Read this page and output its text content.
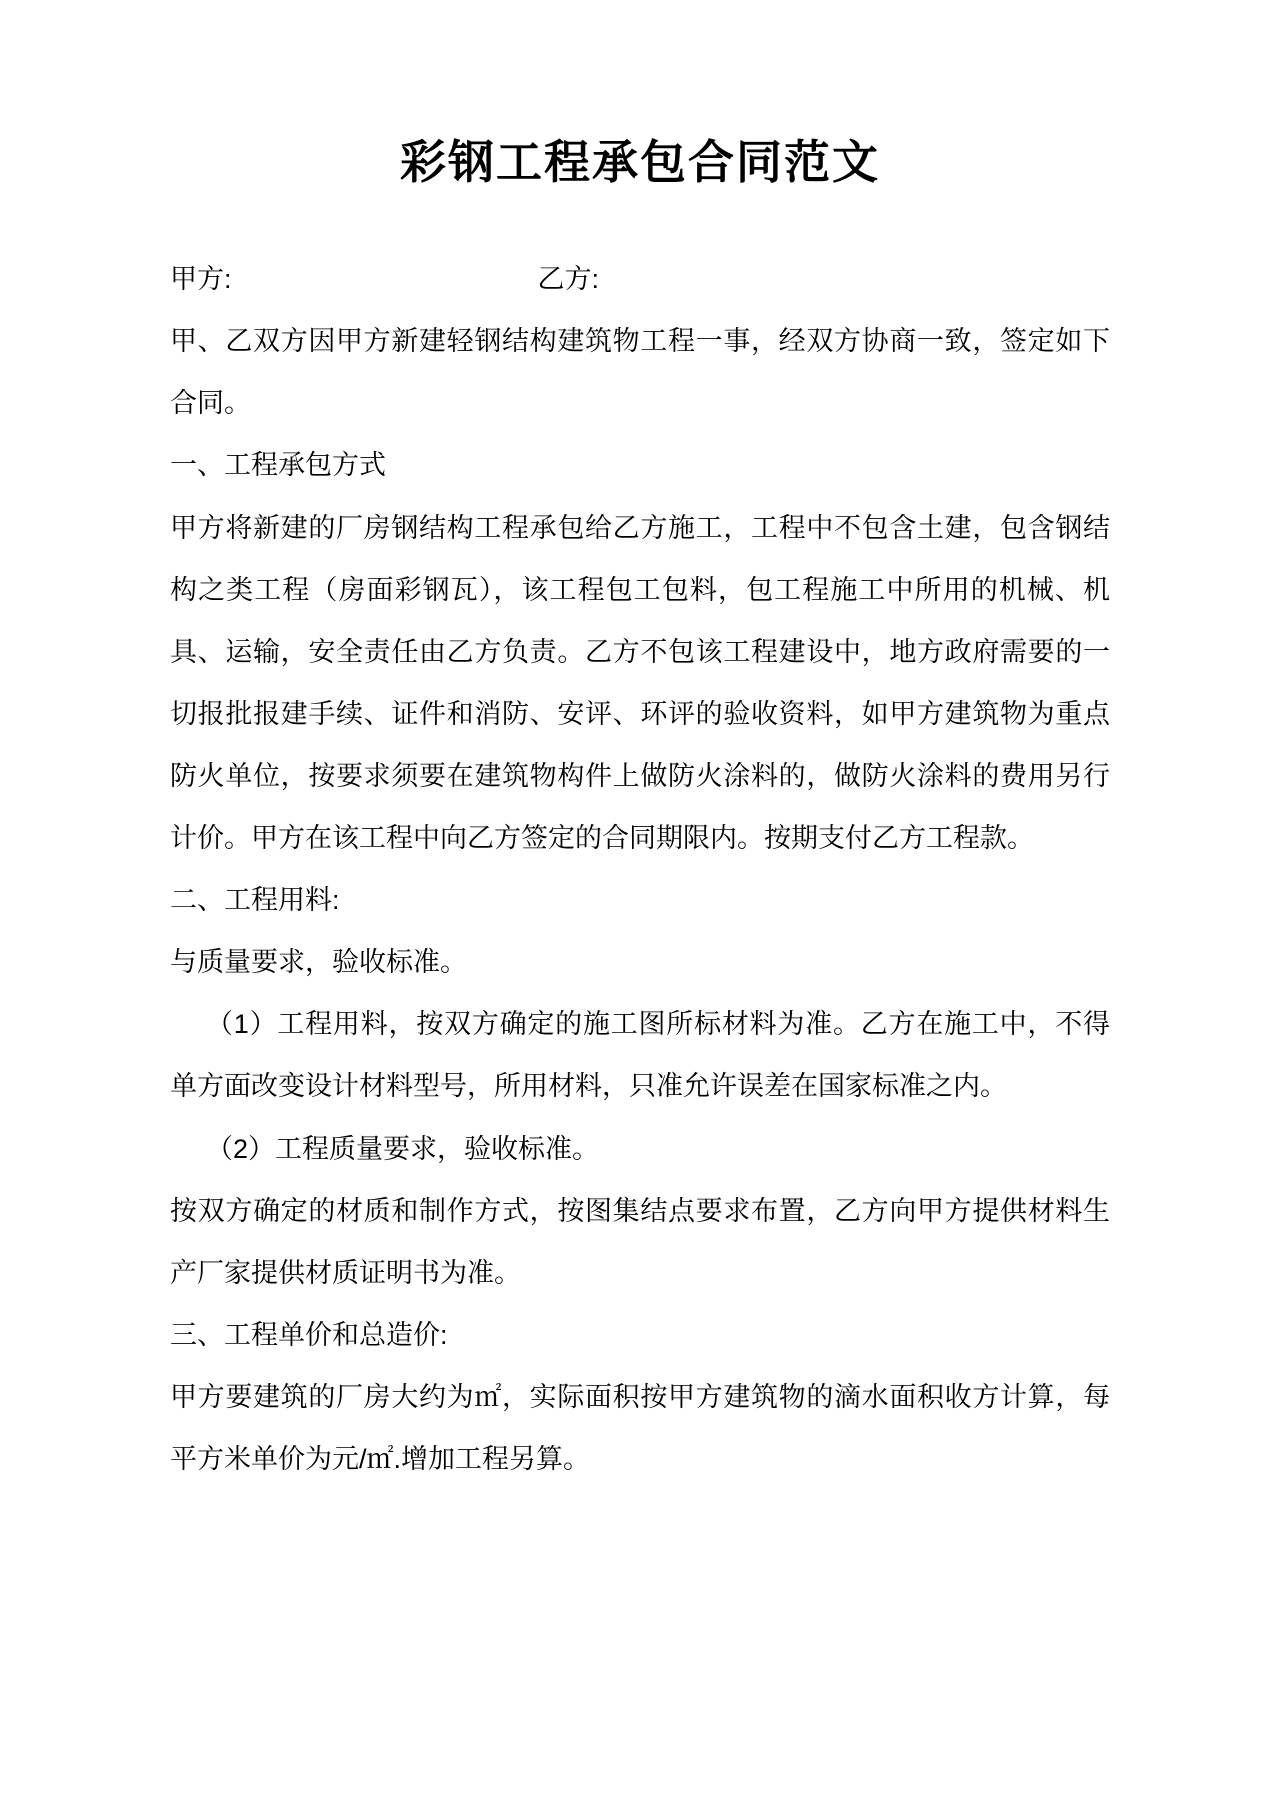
彩钢工程承包合同范文
甲方:	乙方:

甲、乙双方因甲方新建轻钢结构建筑物工程一事，经双方协商一致，签定如下合同。

一、工程承包方式

甲方将新建的厂房钢结构工程承包给乙方施工，工程中不包含土建，包含钢结构之类工程（房面彩钢瓦），该工程包工包料，包工程施工中所用的机械、机具、运输，安全责任由乙方负责。乙方不包该工程建设中，地方政府需要的一切报批报建手续、证件和消防、安评、环评的验收资料，如甲方建筑物为重点防火单位，按要求须要在建筑物构件上做防火涂料的，做防火涂料的费用另行计价。甲方在该工程中向乙方签定的合同期限内。按期支付乙方工程款。

二、工程用料:

与质量要求，验收标准。

（1）工程用料，按双方确定的施工图所标材料为准。乙方在施工中，不得单方面改变设计材料型号，所用材料，只准允许误差在国家标准之内。

（2）工程质量要求，验收标准。

按双方确定的材质和制作方式，按图集结点要求布置，乙方向甲方提供材料生产厂家提供材质证明书为准。

三、工程单价和总造价:

甲方要建筑的厂房大约为㎡，实际面积按甲方建筑物的滴水面积收方计算，每平方米单价为元/㎡.增加工程另算。
